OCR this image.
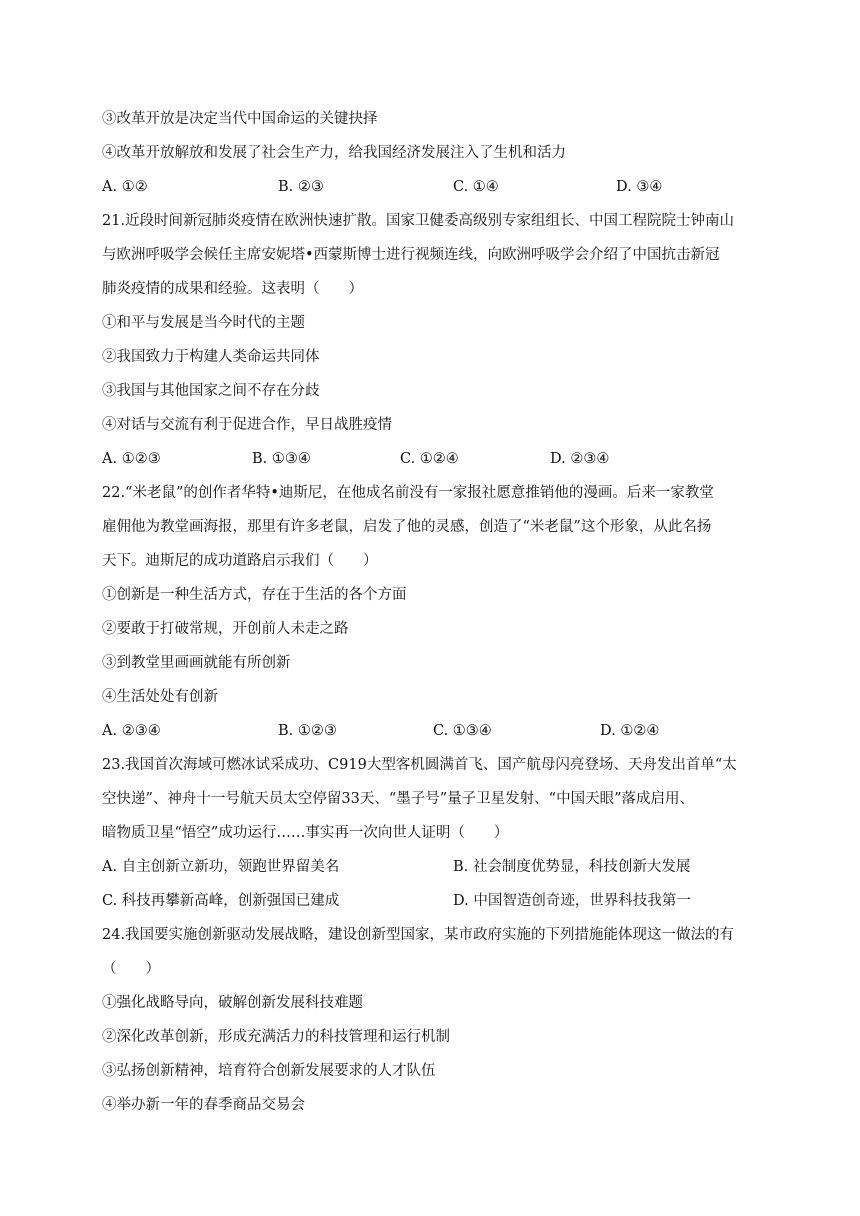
③改革开放是决定当代中国命运的关键抉择
④改革开放解放和发展了社会生产力，给我国经济发展注入了生机和活力
A. ①②	B. ②③	C. ①④	D. ③④
21.近段时间新冠肺炎疫情在欧洲快速扩散。国家卫健委高级别专家组组长、中国工程院院士钟南山
与欧洲呼吸学会候任主席安妮塔•西蒙斯博士进行视频连线，向欧洲呼吸学会介绍了中国抗击新冠
肺炎疫情的成果和经验。这表明（　　）
①和平与发展是当今时代的主题
②我国致力于构建人类命运共同体
③我国与其他国家之间不存在分歧
④对话与交流有利于促进合作，早日战胜疫情
A. ①②③	B. ①③④	C. ①②④	D. ②③④
22.“米老鼠”的创作者华特•迪斯尼，在他成名前没有一家报社愿意推销他的漫画。后来一家教堂
雇佣他为教堂画海报，那里有许多老鼠，启发了他的灵感，创造了“米老鼠”这个形象，从此名扬
天下。迪斯尼的成功道路启示我们（　　）
①创新是一种生活方式，存在于生活的各个方面
②要敢于打破常规，开创前人未走之路
③到教堂里画画就能有所创新
④生活处处有创新
A. ②③④	B. ①②③	C. ①③④	D. ①②④
23.我国首次海域可燃冰试采成功、C919大型客机圆满首飞、国产航母闪亮登场、天舟发出首单“太
空快递”、神舟十一号航天员太空停留33天、“墨子号”量子卫星发射、“中国天眼”落成启用、
暗物质卫星“悟空”成功运行……事实再一次向世人证明（　　）
A. 自主创新立新功，领跑世界留美名	B. 社会制度优势显，科技创新大发展
C. 科技再攀新高峰，创新强国已建成	D. 中国智造创奇迹，世界科技我第一
24.我国要实施创新驱动发展战略，建设创新型国家，某市政府实施的下列措施能体现这一做法的有
（　　）
①强化战略导向，破解创新发展科技难题
②深化改革创新，形成充满活力的科技管理和运行机制
③弘扬创新精神，培育符合创新发展要求的人才队伍
④举办新一年的春季商品交易会
